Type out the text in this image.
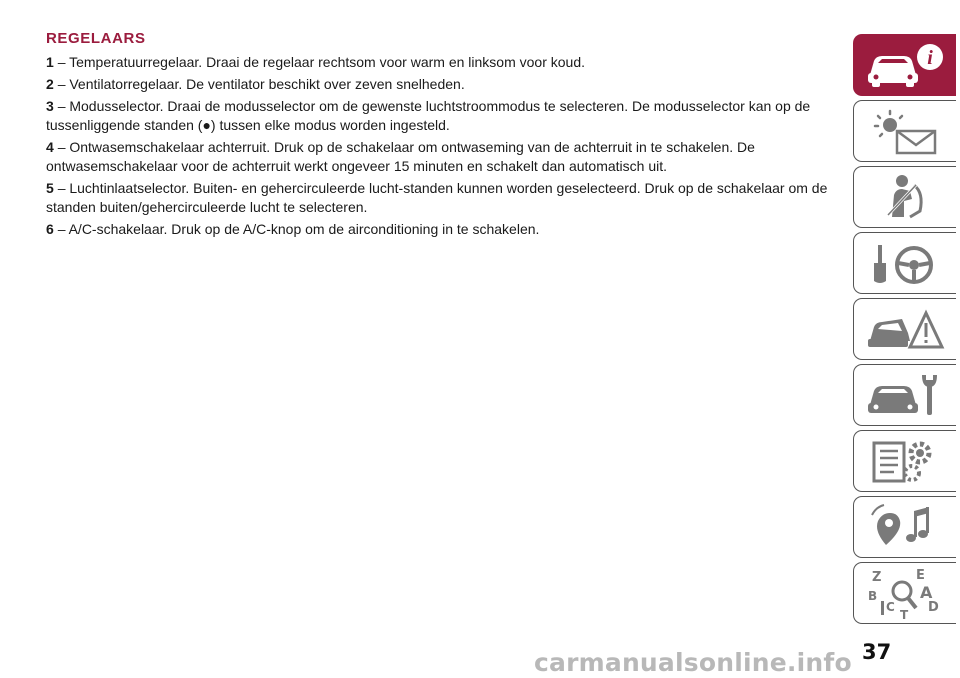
REGELAARS

1 – Temperatuurregelaar. Draai de regelaar rechtsom voor warm en linksom voor koud.

2 – Ventilatorregelaar. De ventilator beschikt over zeven snelheden.

3 – Modusselector. Draai de modusselector om de gewenste luchtstroommodus te selecteren. De modusselector kan op de tussenliggende standen (●) tussen elke modus worden ingesteld.

4 – Ontwasemschakelaar achterruit. Druk op de schakelaar om ontwaseming van de achterruit in te schakelen. De ontwasemschakelaar voor de achterruit werkt ongeveer 15 minuten en schakelt dan automatisch uit.

5 – Luchtinlaatselector. Buiten- en gehercirculeerde lucht-standen kunnen worden geselecteerd. Druk op de schakelaar om de standen buiten/gehercirculeerde lucht te selecteren.

6 – A/C-schakelaar. Druk op de A/C-knop om de airconditioning in te schakelen.

i
Z	E
B	A
C	D
T
37
carmanualsonline.info
